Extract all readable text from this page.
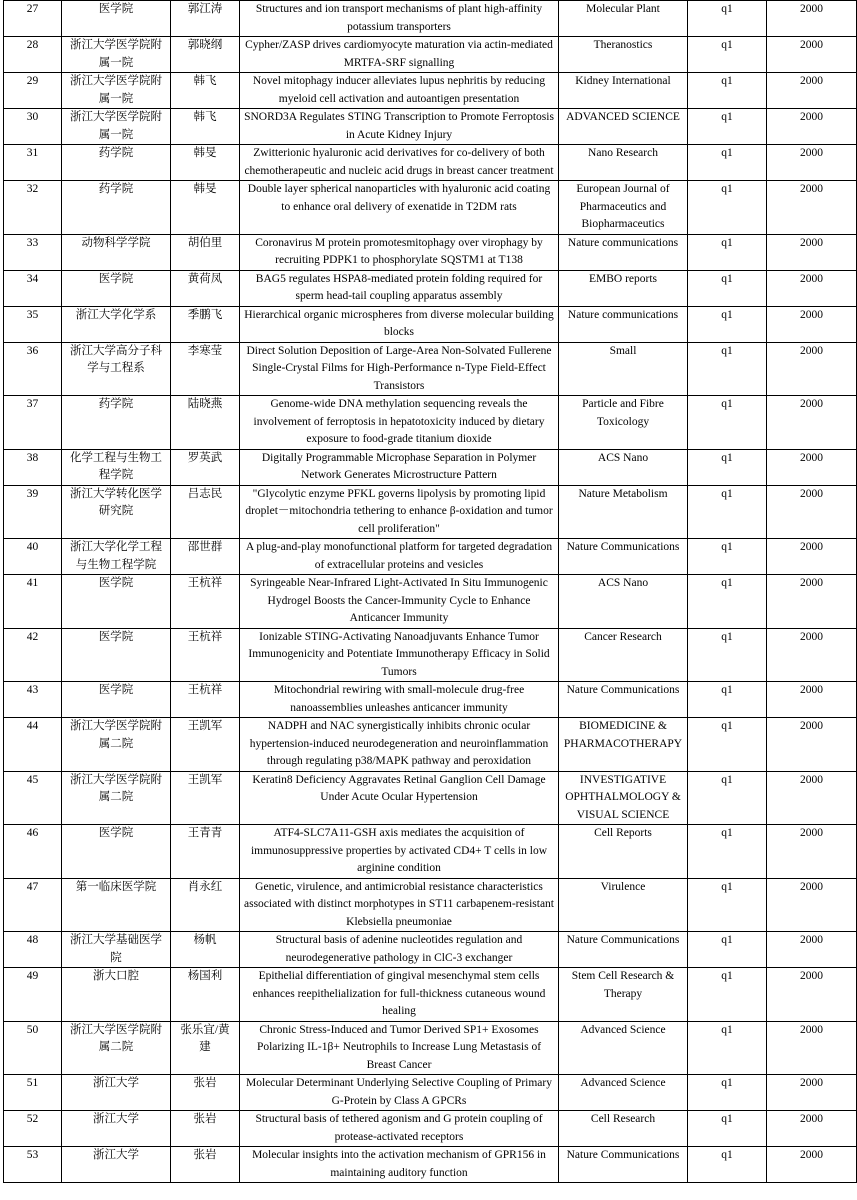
27	医学院	郭江涛	Structures and ion transport mechanisms of plant high-affinity potassium transporters	Molecular Plant	q1	2000
28	浙江大学医学院附属一院	郭晓纲	Cypher/ZASP drives cardiomyocyte maturation via actin-mediated MRTFA-SRF signalling	Theranostics	q1	2000
29	浙江大学医学院附属一院	韩飞	Novel mitophagy inducer alleviates lupus nephritis by reducing myeloid cell activation and autoantigen presentation	Kidney International	q1	2000
30	浙江大学医学院附属一院	韩飞	SNORD3A Regulates STING Transcription to Promote Ferroptosis in Acute Kidney Injury	ADVANCED SCIENCE	q1	2000
31	药学院	韩旻	Zwitterionic hyaluronic acid derivatives for co-delivery of both chemotherapeutic and nucleic acid drugs in breast cancer treatment	Nano Research	q1	2000
32	药学院	韩旻	Double layer spherical nanoparticles with hyaluronic acid coating to enhance oral delivery of exenatide in T2DM rats	European Journal of Pharmaceutics and Biopharmaceutics	q1	2000
33	动物科学学院	胡伯里	Coronavirus M protein promotesmitophagy over virophagy by recruiting PDPK1 to phosphorylate SQSTM1 at T138	Nature communications	q1	2000
34	医学院	黄荷凤	BAG5 regulates HSPA8-mediated protein folding required for sperm head-tail coupling apparatus assembly	EMBO reports	q1	2000
35	浙江大学化学系	季鹏飞	Hierarchical organic microspheres from diverse molecular building blocks	Nature communications	q1	2000
36	浙江大学高分子科学与工程系	李寒莹	Direct Solution Deposition of Large-Area Non-Solvated Fullerene Single-Crystal Films for High-Performance n-Type Field-Effect Transistors	Small	q1	2000
37	药学院	陆晓燕	Genome-wide DNA methylation sequencing reveals the involvement of ferroptosis in hepatotoxicity induced by dietary exposure to food-grade titanium dioxide	Particle and Fibre Toxicology	q1	2000
38	化学工程与生物工程学院	罗英武	Digitally Programmable Microphase Separation in Polymer Network Generates Microstructure Pattern	ACS Nano	q1	2000
39	浙江大学转化医学研究院	吕志民	"Glycolytic enzyme PFKL governs lipolysis by promoting lipid droplet－mitochondria tethering to enhance β-oxidation and tumor cell proliferation"	Nature Metabolism	q1	2000
40	浙江大学化学工程与生物工程学院	邵世群	A plug-and-play monofunctional platform for targeted degradation of extracellular proteins and vesicles	Nature Communications	q1	2000
41	医学院	王杭祥	Syringeable Near-Infrared Light-Activated In Situ Immunogenic Hydrogel Boosts the Cancer-Immunity Cycle to Enhance Anticancer Immunity	ACS Nano	q1	2000
42	医学院	王杭祥	Ionizable STING-Activating Nanoadjuvants Enhance Tumor Immunogenicity and Potentiate Immunotherapy Efficacy in Solid Tumors	Cancer Research	q1	2000
43	医学院	王杭祥	Mitochondrial rewiring with small-molecule drug-free nanoassemblies unleashes anticancer immunity	Nature Communications	q1	2000
44	浙江大学医学院附属二院	王凯军	NADPH and NAC synergistically inhibits chronic ocular hypertension-induced neurodegeneration and neuroinflammation through regulating p38/MAPK pathway and peroxidation	BIOMEDICINE & PHARMACOTHERAPY	q1	2000
45	浙江大学医学院附属二院	王凯军	Keratin8 Deficiency Aggravates Retinal Ganglion Cell Damage Under Acute Ocular Hypertension	INVESTIGATIVE OPHTHALMOLOGY & VISUAL SCIENCE	q1	2000
46	医学院	王青青	ATF4-SLC7A11-GSH axis mediates the acquisition of immunosuppressive properties by activated CD4+ T cells in low arginine condition	Cell Reports	q1	2000
47	第一临床医学院	肖永红	Genetic, virulence, and antimicrobial resistance characteristics associated with distinct morphotypes in ST11 carbapenem-resistant Klebsiella pneumoniae	Virulence	q1	2000
48	浙江大学基础医学院	杨帆	Structural basis of adenine nucleotides regulation and neurodegenerative pathology in ClC-3 exchanger	Nature Communications	q1	2000
49	浙大口腔	杨国利	Epithelial differentiation of gingival mesenchymal stem cells enhances reepithelialization for full-thickness cutaneous wound healing	Stem Cell Research & Therapy	q1	2000
50	浙江大学医学院附属二院	张乐宜/黄建	Chronic Stress-Induced and Tumor Derived SP1+ Exosomes Polarizing IL-1β+ Neutrophils to Increase Lung Metastasis of Breast Cancer	Advanced Science	q1	2000
51	浙江大学	张岩	Molecular Determinant Underlying Selective Coupling of Primary G-Protein by Class A GPCRs	Advanced Science	q1	2000
52	浙江大学	张岩	Structural basis of tethered agonism and G protein coupling of protease-activated receptors	Cell Research	q1	2000
53	浙江大学	张岩	Molecular insights into the activation mechanism of GPR156 in maintaining auditory function	Nature Communications	q1	2000
